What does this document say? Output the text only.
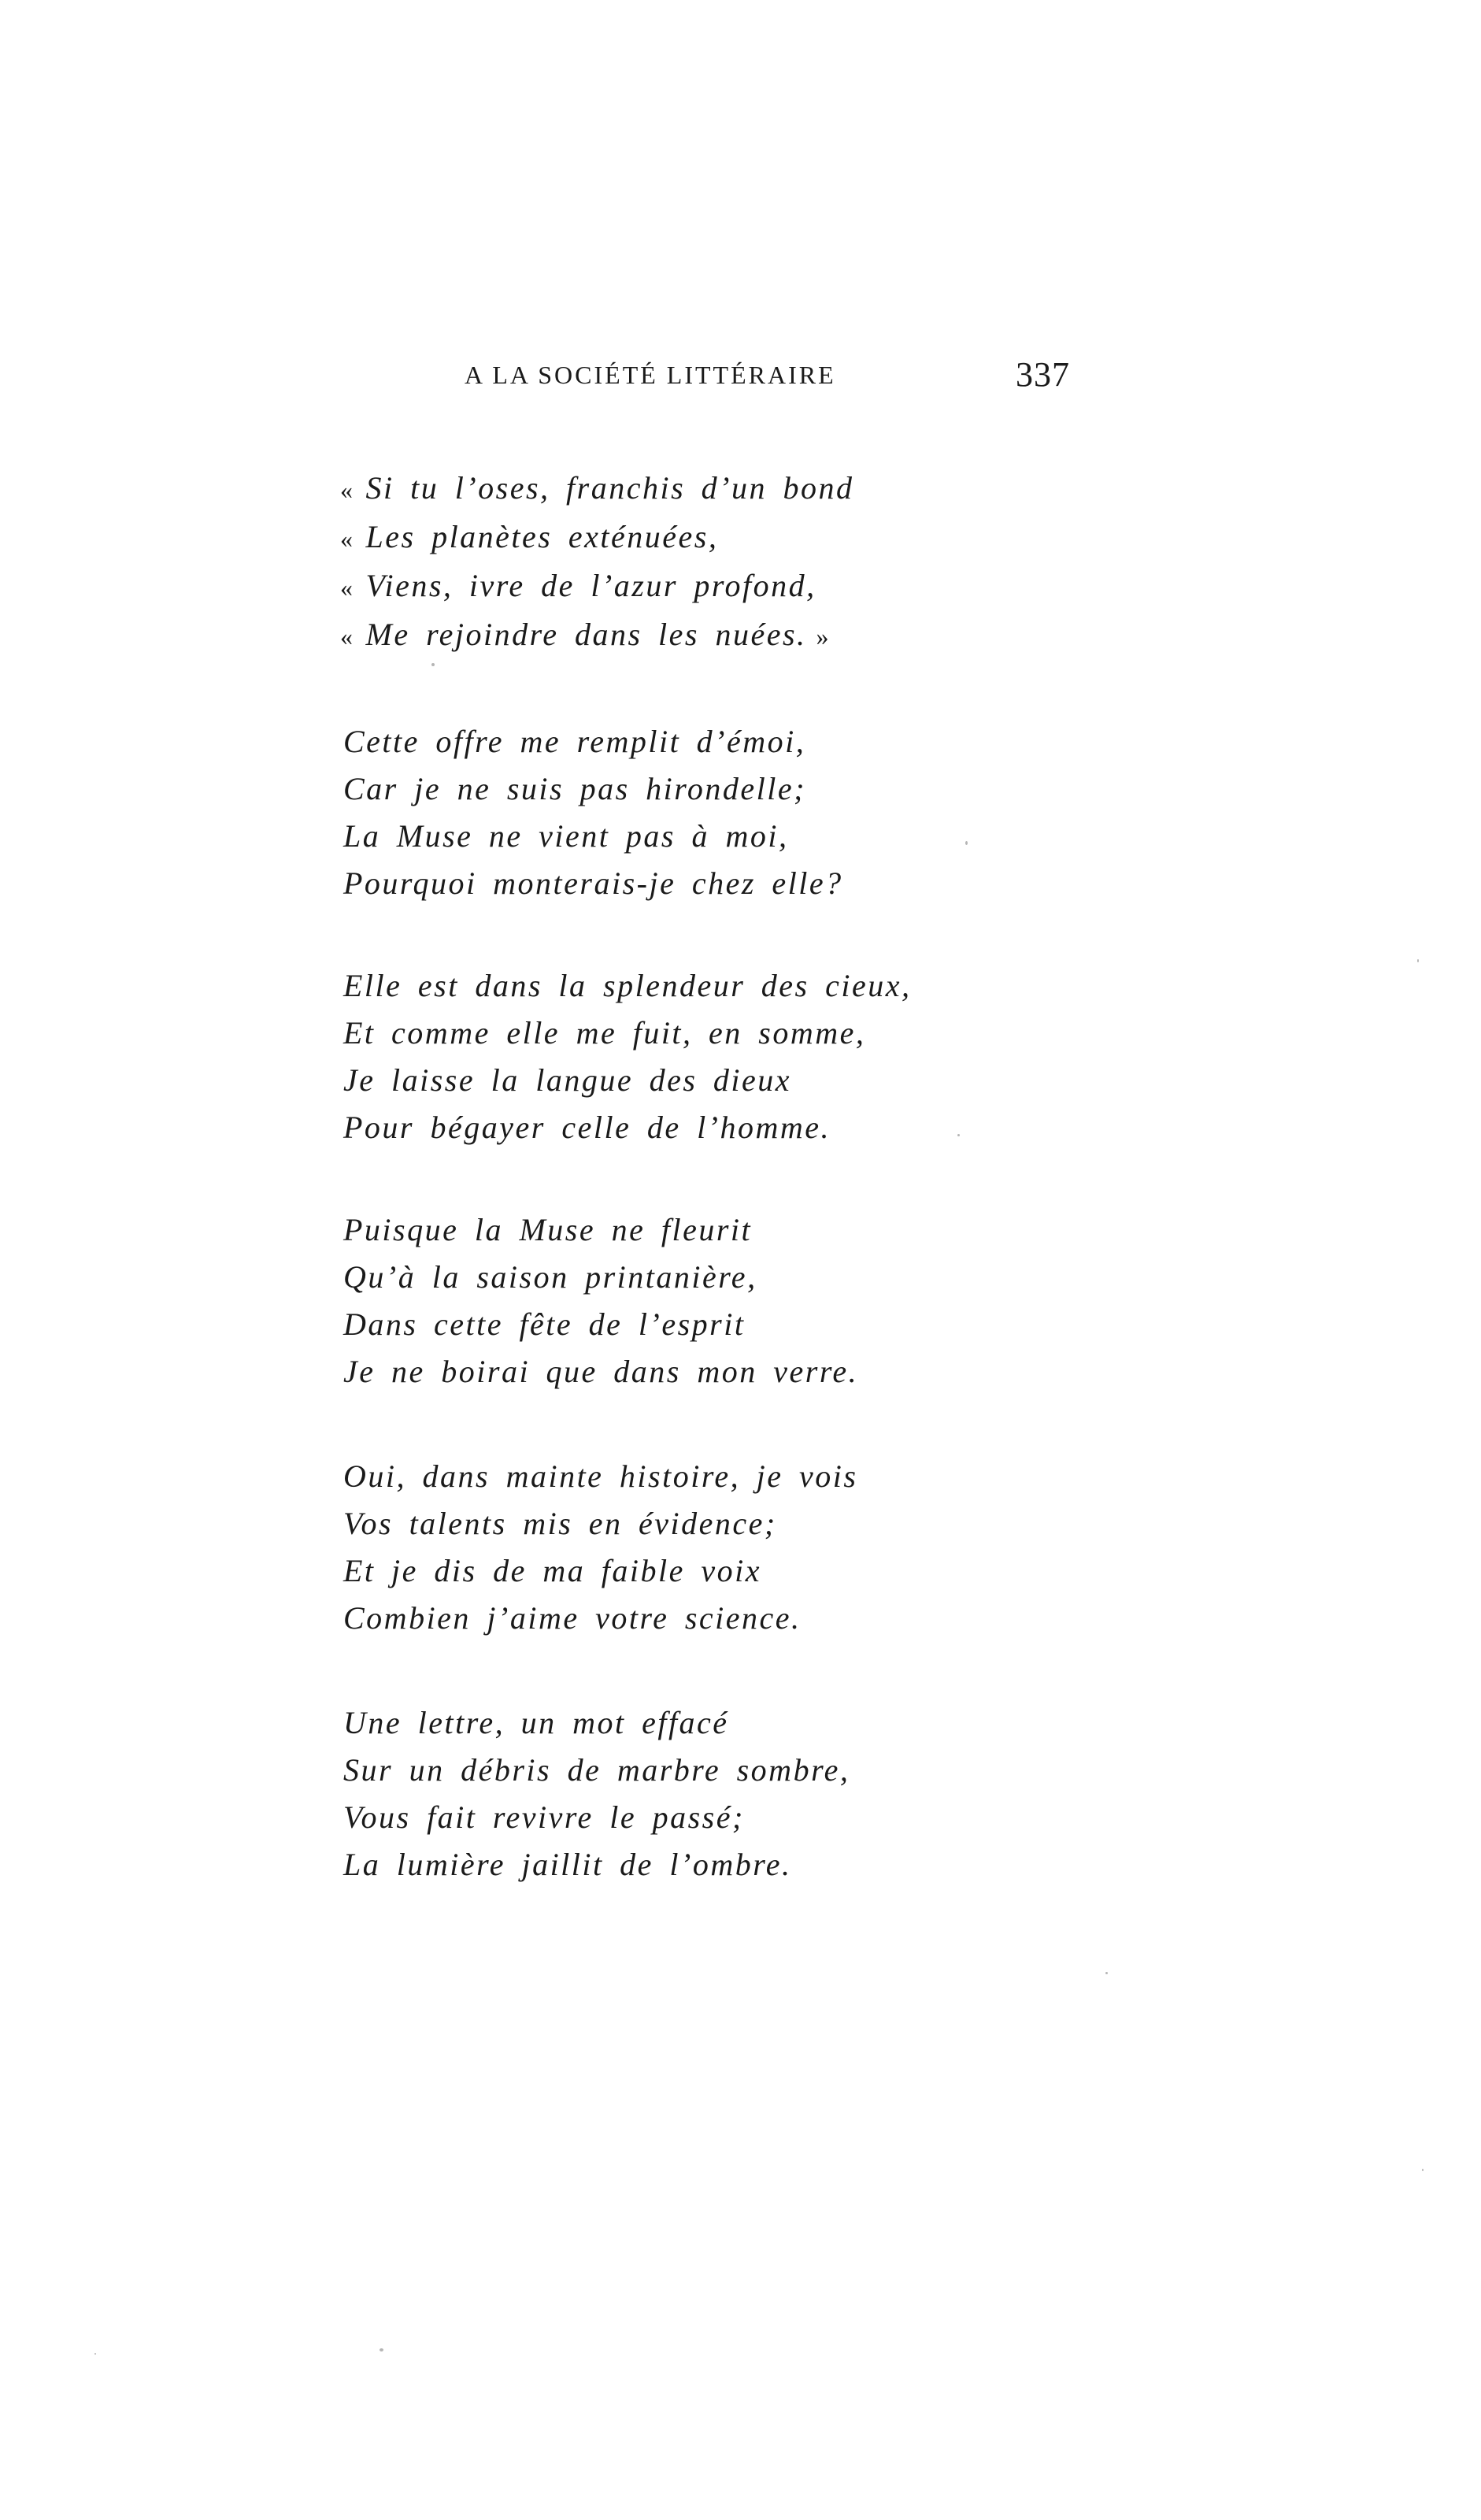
A LA SOCIÉTÉ LITTÉRAIRE	337
« Si tu l’oses, franchis d’un bond
« Les planètes exténuées,
« Viens, ivre de l’azur profond,
« Me rejoindre dans les nuées. »
Cette offre me remplit d’émoi,
Car je ne suis pas hirondelle;
La Muse ne vient pas à moi,
Pourquoi monterais-je chez elle?
Elle est dans la splendeur des cieux,
Et comme elle me fuit, en somme,
Je laisse la langue des dieux
Pour bégayer celle de l’homme.
Puisque la Muse ne fleurit
Qu’à la saison printanière,
Dans cette fête de l’esprit
Je ne boirai que dans mon verre.
Oui, dans mainte histoire, je vois
Vos talents mis en évidence;
Et je dis de ma faible voix
Combien j’aime votre science.
Une lettre, un mot effacé
Sur un débris de marbre sombre,
Vous fait revivre le passé;
La lumière jaillit de l’ombre.
